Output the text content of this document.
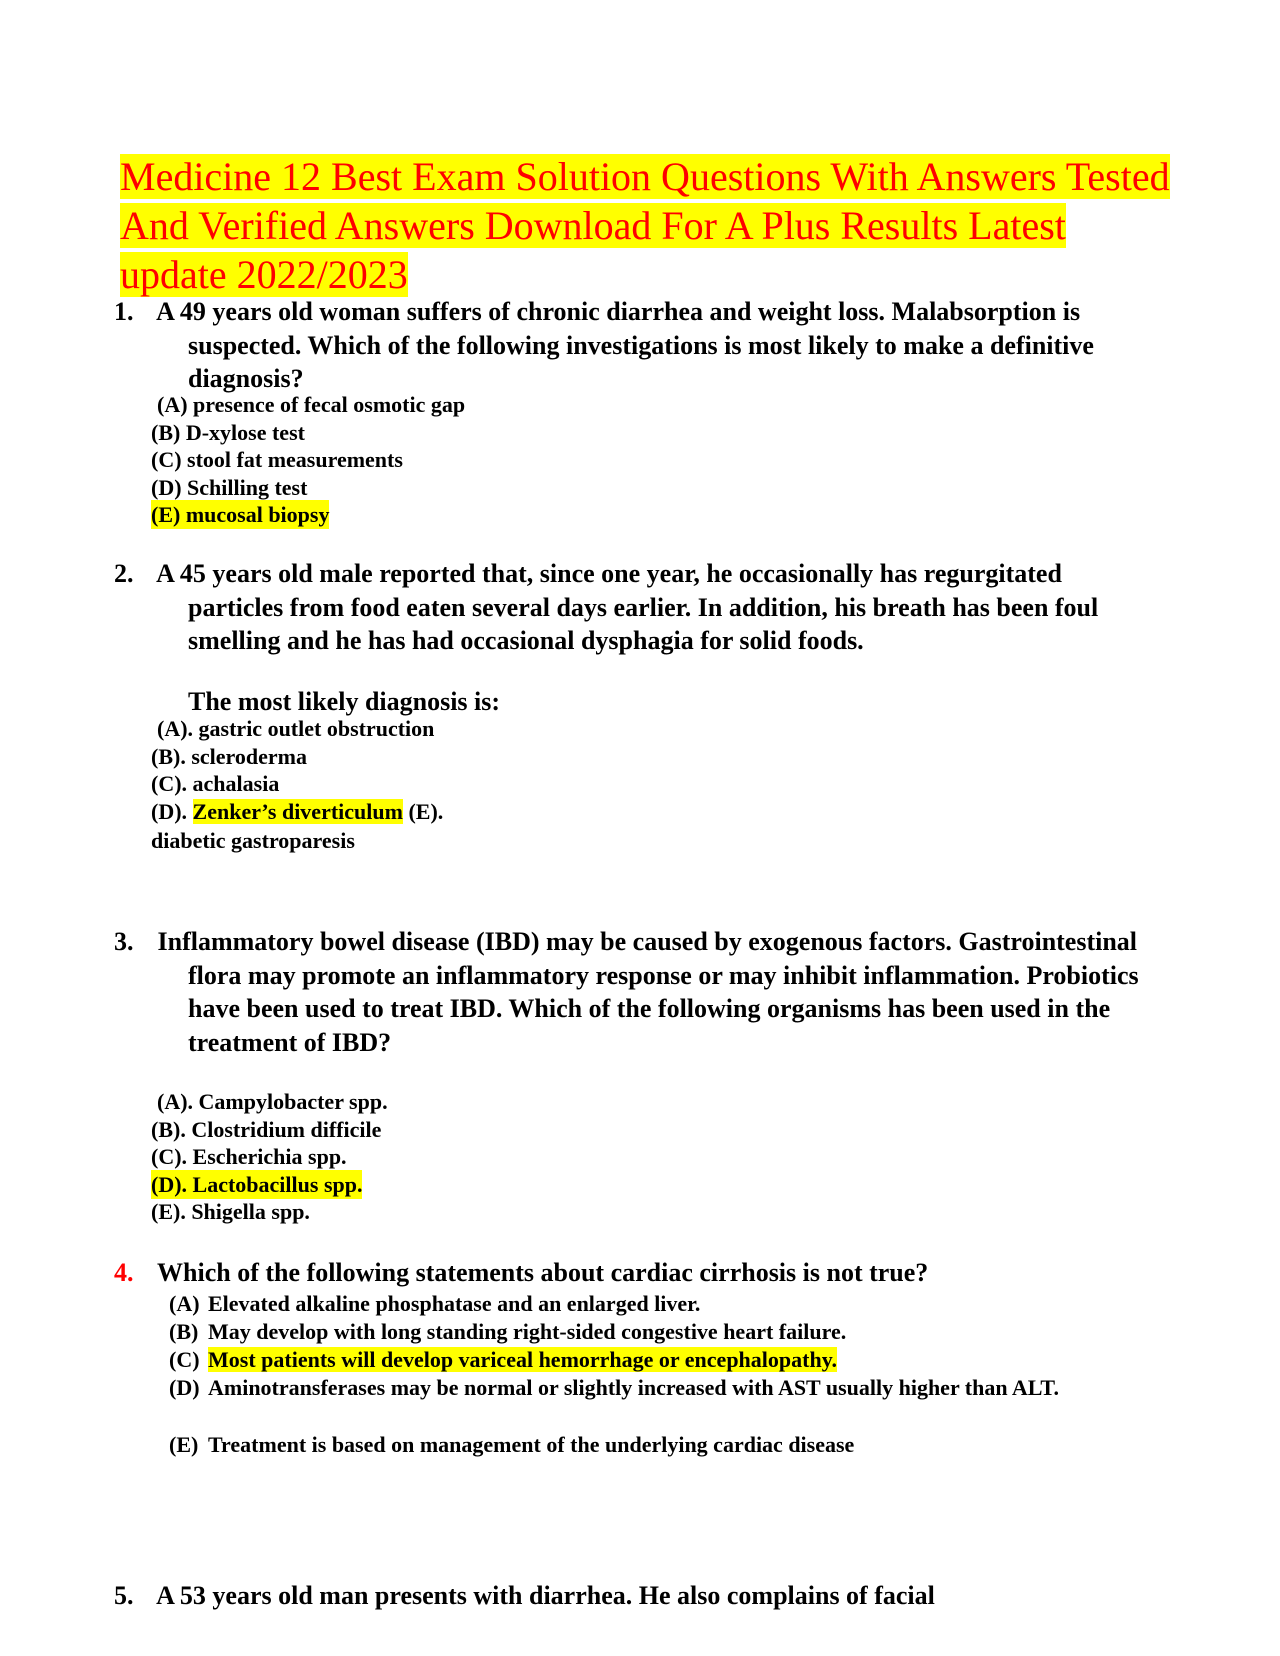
Medicine 12 Best Exam Solution Questions With Answers Tested And Verified Answers Download For A Plus Results Latest update 2022/2023
1. A 49 years old woman suffers of chronic diarrhea and weight loss. Malabsorption is suspected. Which of the following investigations is most likely to make a definitive diagnosis?
(A) presence of fecal osmotic gap
(B) D-xylose test
(C) stool fat measurements
(D) Schilling test
(E) mucosal biopsy
2. A 45 years old male reported that, since one year, he occasionally has regurgitated particles from food eaten several days earlier. In addition, his breath has been foul smelling and he has had occasional dysphagia for solid foods.
The most likely diagnosis is:
(A). gastric outlet obstruction
(B). scleroderma
(C). achalasia
(D). Zenker’s diverticulum (E). diabetic gastroparesis
3. Inflammatory bowel disease (IBD) may be caused by exogenous factors. Gastrointestinal flora may promote an inflammatory response or may inhibit inflammation. Probiotics have been used to treat IBD. Which of the following organisms has been used in the treatment of IBD?
(A). Campylobacter spp.
(B). Clostridium difficile
(C). Escherichia spp.
(D). Lactobacillus spp.
(E). Shigella spp.
4. Which of the following statements about cardiac cirrhosis is not true?
(A) Elevated alkaline phosphatase and an enlarged liver.
(B) May develop with long standing right-sided congestive heart failure.
(C) Most patients will develop variceal hemorrhage or encephalopathy.
(D) Aminotransferases may be normal or slightly increased with AST usually higher than ALT.
(E) Treatment is based on management of the underlying cardiac disease
5. A 53 years old man presents with diarrhea. He also complains of facial
